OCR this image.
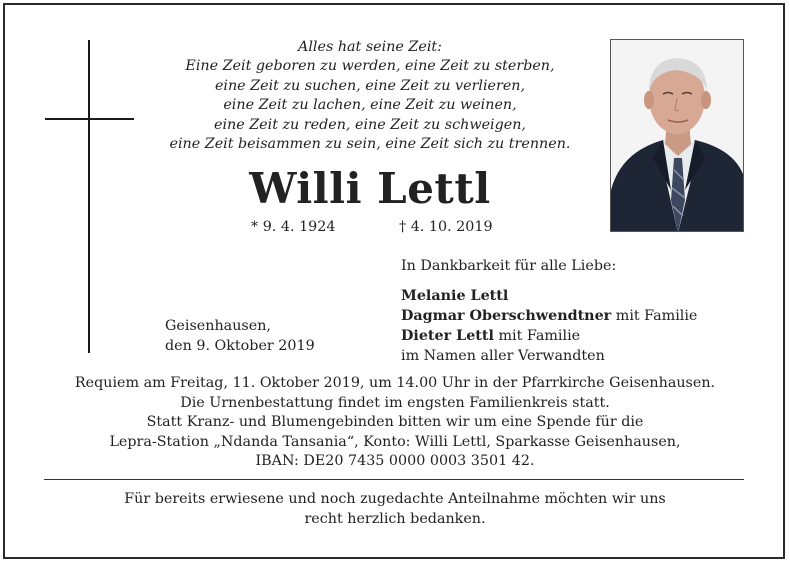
Alles hat seine Zeit:
Eine Zeit geboren zu werden, eine Zeit zu sterben,
eine Zeit zu suchen, eine Zeit zu verlieren,
eine Zeit zu lachen, eine Zeit zu weinen,
eine Zeit zu reden, eine Zeit zu schweigen,
eine Zeit beisammen zu sein, eine Zeit sich zu trennen.
Willi Lettl
* 9. 4. 1924	† 4. 10. 2019
In Dankbarkeit für alle Liebe:
Melanie Lettl
Dagmar Oberschwendtner mit Familie
Dieter Lettl mit Familie
im Namen aller Verwandten
Geisenhausen,
den 9. Oktober 2019
Requiem am Freitag, 11. Oktober 2019, um 14.00 Uhr in der Pfarrkirche Geisenhausen.
Die Urnenbestattung findet im engsten Familienkreis statt.
Statt Kranz- und Blumengebinden bitten wir um eine Spende für die
Lepra-Station „Ndanda Tansania“, Konto: Willi Lettl, Sparkasse Geisenhausen,
IBAN: DE20 7435 0000 0003 3501 42.
Für bereits erwiesene und noch zugedachte Anteilnahme möchten wir uns
recht herzlich bedanken.
